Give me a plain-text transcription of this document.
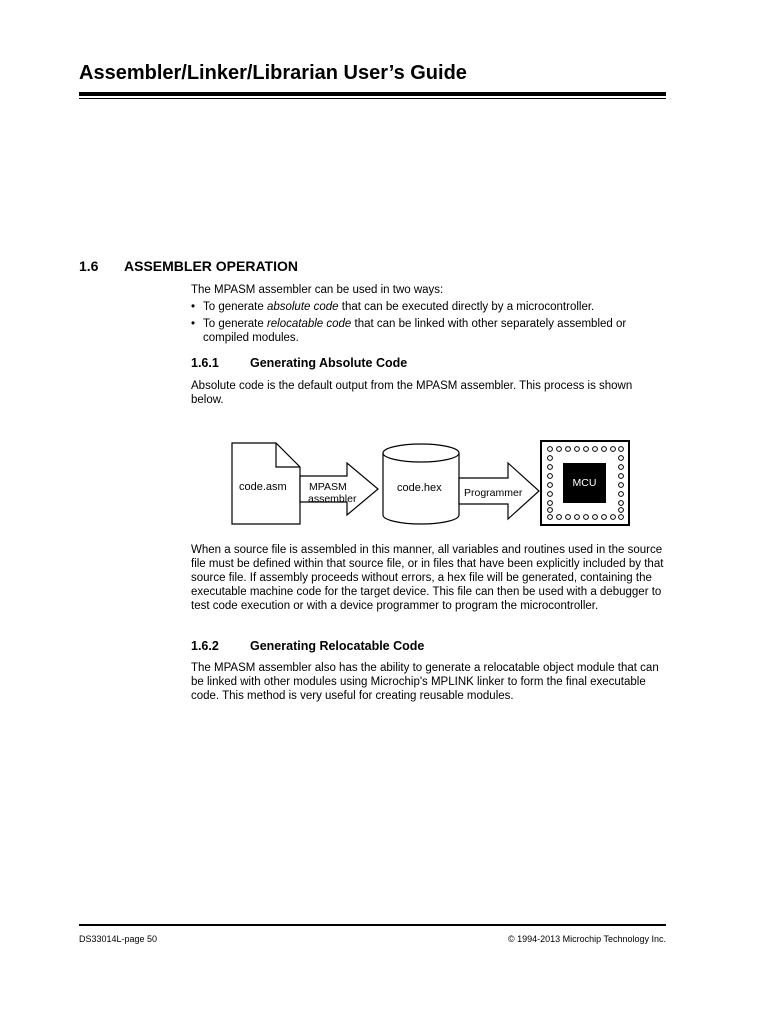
Assembler/Linker/Librarian User’s Guide
1.6 ASSEMBLER OPERATION
The MPASM assembler can be used in two ways:
• To generate absolute code that can be executed directly by a microcontroller.
• To generate relocatable code that can be linked with other separately assembled or compiled modules.
1.6.1 Generating Absolute Code
Absolute code is the default output from the MPASM assembler. This process is shown below.
code.asm MPASM
assembler
code.hex Programmer
MCU
When a source file is assembled in this manner, all variables and routines used in the source file must be defined within that source file, or in files that have been explicitly included by that source file. If assembly proceeds without errors, a hex file will be generated, containing the executable machine code for the target device. This file can then be used with a debugger to test code execution or with a device programmer to program the microcontroller.
1.6.2 Generating Relocatable Code
The MPASM assembler also has the ability to generate a relocatable object module that can be linked with other modules using Microchip's MPLINK linker to form the final executable code. This method is very useful for creating reusable modules.
DS33014L-page 50	© 1994-2013 Microchip Technology Inc.
